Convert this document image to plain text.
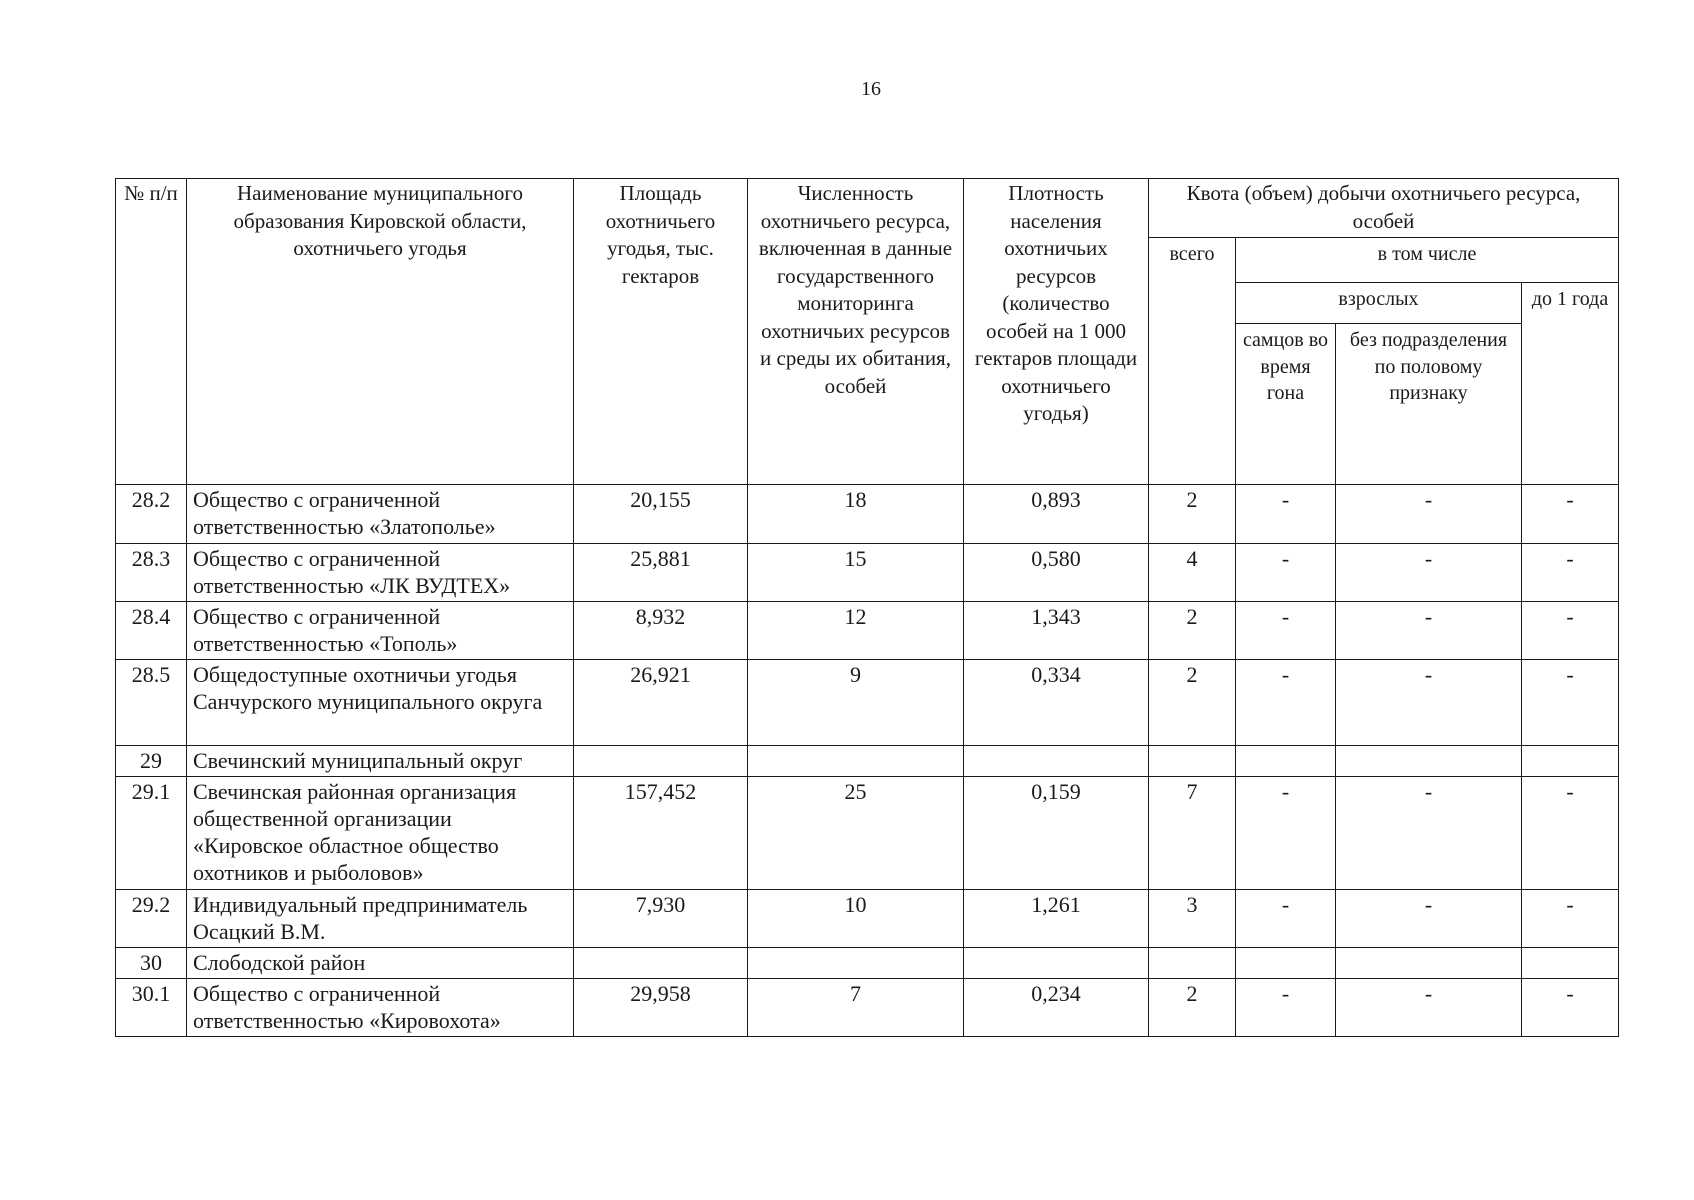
16
№ п/п	Наименование муниципального образования Кировской области, охотничьего угодья	Площадь охотничьего угодья, тыс. гектаров	Численность охотничьего ресурса, включенная в данные государственного мониторинга охотничьих ресурсов и среды их обитания, особей	Плотность населения охотничьих ресурсов (количество особей на 1 000 гектаров площади охотничьего угодья)	Квота (объем) добычи охотничьего ресурса, особей			
					всего	в том числе		
						взрослых		до 1 года
						самцов во время гона	без подразделения по половому признаку	
28.2	Общество с ограниченной ответственностью «Златополье»	20,155	18	0,893	2	-	-	-
28.3	Общество с ограниченной ответственностью «ЛК ВУДТЕХ»	25,881	15	0,580	4	-	-	-
28.4	Общество с ограниченной ответственностью «Тополь»	8,932	12	1,343	2	-	-	-
28.5	Общедоступные охотничьи угодья Санчурского муниципального округа	26,921	9	0,334	2	-	-	-
29	Свечинский муниципальный округ							
29.1	Свечинская районная организация общественной организации «Кировское областное общество охотников и рыболовов»	157,452	25	0,159	7	-	-	-
29.2	Индивидуальный предприниматель Осацкий В.М.	7,930	10	1,261	3	-	-	-
30	Слободской район							
30.1	Общество с ограниченной ответственностью «Кировохота»	29,958	7	0,234	2	-	-	-
